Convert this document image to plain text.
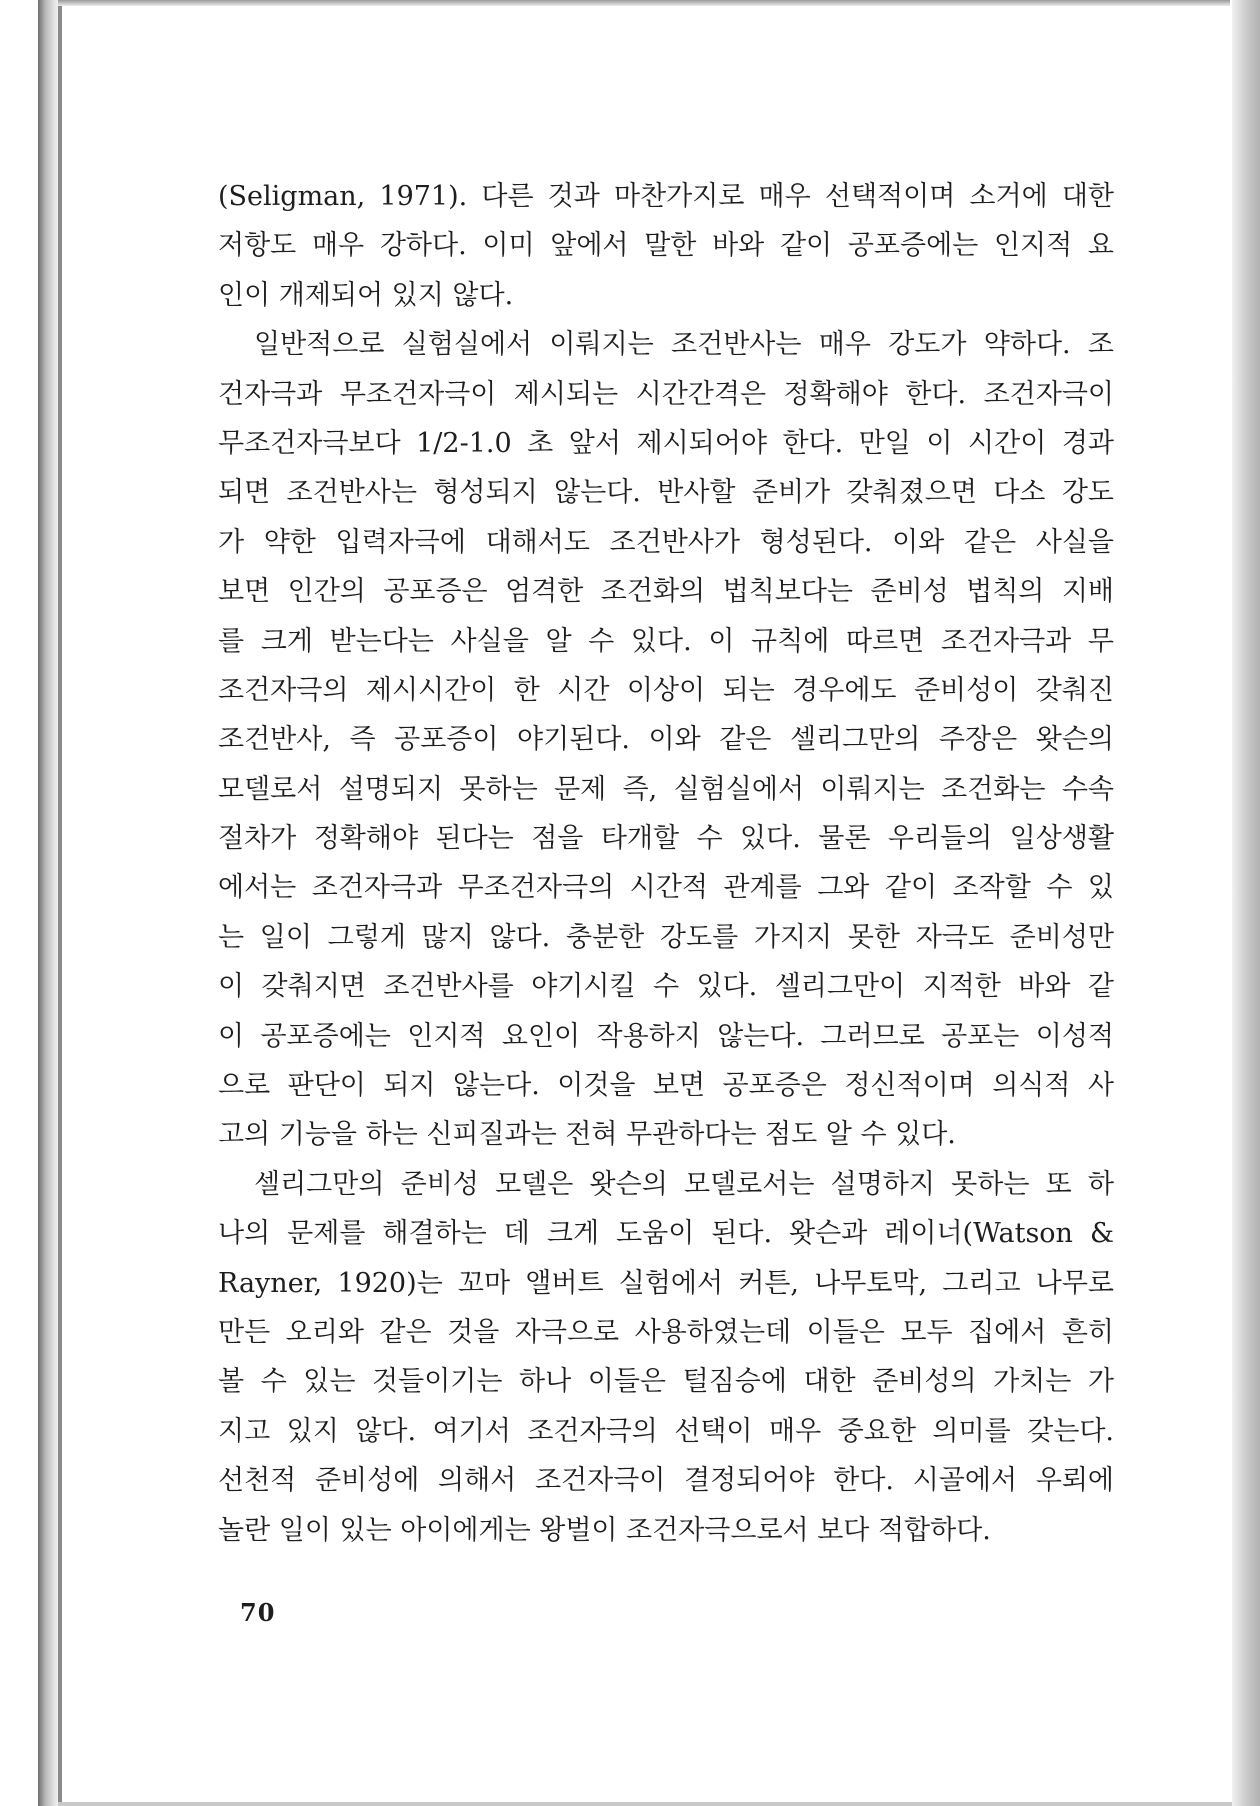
(Seligman, 1971). 다른 것과 마찬가지로 매우 선택적이며 소거에 대한
저항도 매우 강하다. 이미 앞에서 말한 바와 같이 공포증에는 인지적 요
인이 개제되어 있지 않다.
일반적으로 실험실에서 이뤄지는 조건반사는 매우 강도가 약하다. 조
건자극과 무조건자극이 제시되는 시간간격은 정확해야 한다. 조건자극이
무조건자극보다 1/2-1.0 초 앞서 제시되어야 한다. 만일 이 시간이 경과
되면 조건반사는 형성되지 않는다. 반사할 준비가 갖춰졌으면 다소 강도
가 약한 입력자극에 대해서도 조건반사가 형성된다. 이와 같은 사실을
보면 인간의 공포증은 엄격한 조건화의 법칙보다는 준비성 법칙의 지배
를 크게 받는다는 사실을 알 수 있다. 이 규칙에 따르면 조건자극과 무
조건자극의 제시시간이 한 시간 이상이 되는 경우에도 준비성이 갖춰진
조건반사, 즉 공포증이 야기된다. 이와 같은 셀리그만의 주장은 왓슨의
모델로서 설명되지 못하는 문제 즉, 실험실에서 이뤄지는 조건화는 수속
절차가 정확해야 된다는 점을 타개할 수 있다. 물론 우리들의 일상생활
에서는 조건자극과 무조건자극의 시간적 관계를 그와 같이 조작할 수 있
는 일이 그렇게 많지 않다. 충분한 강도를 가지지 못한 자극도 준비성만
이 갖춰지면 조건반사를 야기시킬 수 있다. 셀리그만이 지적한 바와 같
이 공포증에는 인지적 요인이 작용하지 않는다. 그러므로 공포는 이성적
으로 판단이 되지 않는다. 이것을 보면 공포증은 정신적이며 의식적 사
고의 기능을 하는 신피질과는 전혀 무관하다는 점도 알 수 있다.
셀리그만의 준비성 모델은 왓슨의 모델로서는 설명하지 못하는 또 하
나의 문제를 해결하는 데 크게 도움이 된다. 왓슨과 레이너(Watson &
Rayner, 1920)는 꼬마 앨버트 실험에서 커튼, 나무토막, 그리고 나무로
만든 오리와 같은 것을 자극으로 사용하였는데 이들은 모두 집에서 흔히
볼 수 있는 것들이기는 하나 이들은 털짐승에 대한 준비성의 가치는 가
지고 있지 않다. 여기서 조건자극의 선택이 매우 중요한 의미를 갖는다.
선천적 준비성에 의해서 조건자극이 결정되어야 한다. 시골에서 우뢰에
놀란 일이 있는 아이에게는 왕벌이 조건자극으로서 보다 적합하다.
70
